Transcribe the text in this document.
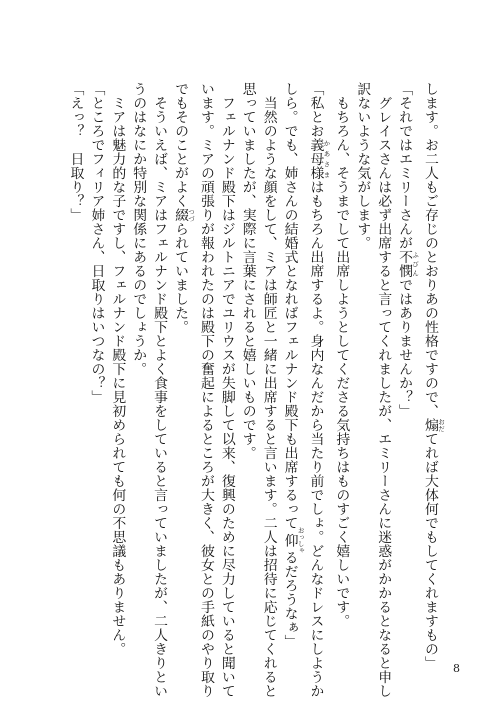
します。お二人もご存じのとおりあの性格ですので、煽 おだてれば大体何でもしてくれますもの」
「それではエミリーさんが不憫 ふびんではありませんか？」
　グレイスさんは必ず出席すると言ってくれましたが、エミリーさんに迷惑がかかるとなると申し
訳ないような気がします。
　もちろん、そうまでして出席しようとしてくださる気持ちはものすごく嬉しいです。
「私とお義母様 かあさまはもちろん出席するよ。身内なんだから当たり前でしょ。どんなドレスにしようか
しら。でも、姉さんの結婚式となればフェルナンド殿下も出席するって仰 おっしゃるだろうなぁ」
　当然のような顔をして、ミアは師匠と一緒に出席すると言います。二人は招待に応じてくれると
思っていましたが、実際に言葉にされると嬉しいものです。
　フェルナンド殿下はジルトニアでユリウスが失脚して以来、復興のために尽力していると聞いて
います。ミアの頑張りが報われたのは殿下の奮起によるところが大きく、彼女との手紙のやり取り
でもそのことがよく綴 つづられていました。
　そういえば、ミアはフェルナンド殿下とよく食事をしていると言っていましたが、二人きりとい
うのはなにか特別な関係にあるのでしょうか。
　ミアは魅力的な子ですし、フェルナンド殿下に見初められても何の不思議もありません。
「ところでフィリア姉さん、日取りはいつなの？」
「えっ？　日取り？」
8
